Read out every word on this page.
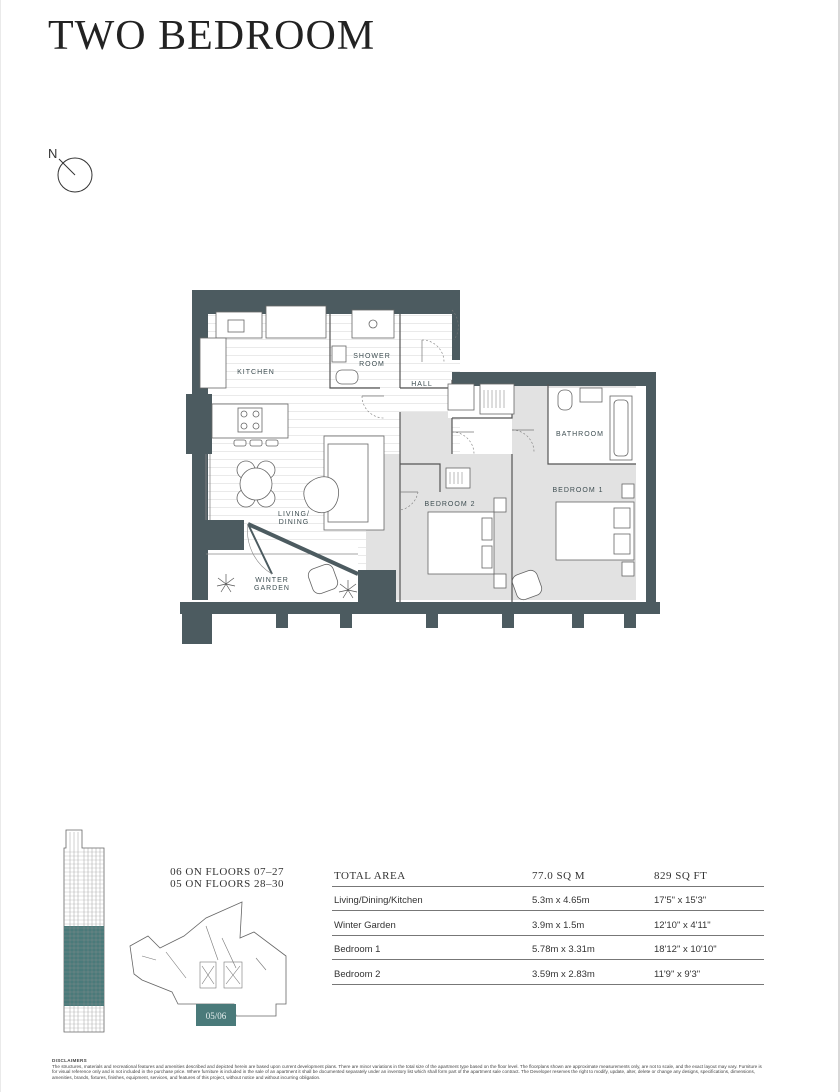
TWO BEDROOM
N
KITCHEN
SHOWER
ROOM
HALL
BATHROOM
BEDROOM 1
BEDROOM 2
LIVING/
DINING
WINTER
GARDEN
06 ON FLOORS 07–27
05 ON FLOORS 28–30
05/06
TOTAL AREA	77.0 SQ M	829 SQ FT
Living/Dining/Kitchen	5.3m x 4.65m	17'5" x 15'3"
Winter Garden	3.9m x 1.5m	12'10" x 4'11"
Bedroom 1	5.78m x 3.31m	18'12" x 10'10"
Bedroom 2	3.59m x 2.83m	11'9" x 9'3"
DISCLAIMERS
The structures, materials and recreational features and amenities described and depicted herein are based upon current development plans. There are minor variations in the total size of the apartment type based on the floor level. The floorplans shown are approximate measurements only, are not to scale, and the exact layout may vary. Furniture is for visual reference only and is not included in the purchase price. Where furniture is included in the sale of an apartment it shall be documented separately under an inventory list which shall form part of the apartment sale contract. The Developer reserves the right to modify, update, alter, delete or change any designs, specifications, dimensions, amenities, brands, fixtures, finishes, equipment, services, and features of this project, without notice and without incurring obligation.
